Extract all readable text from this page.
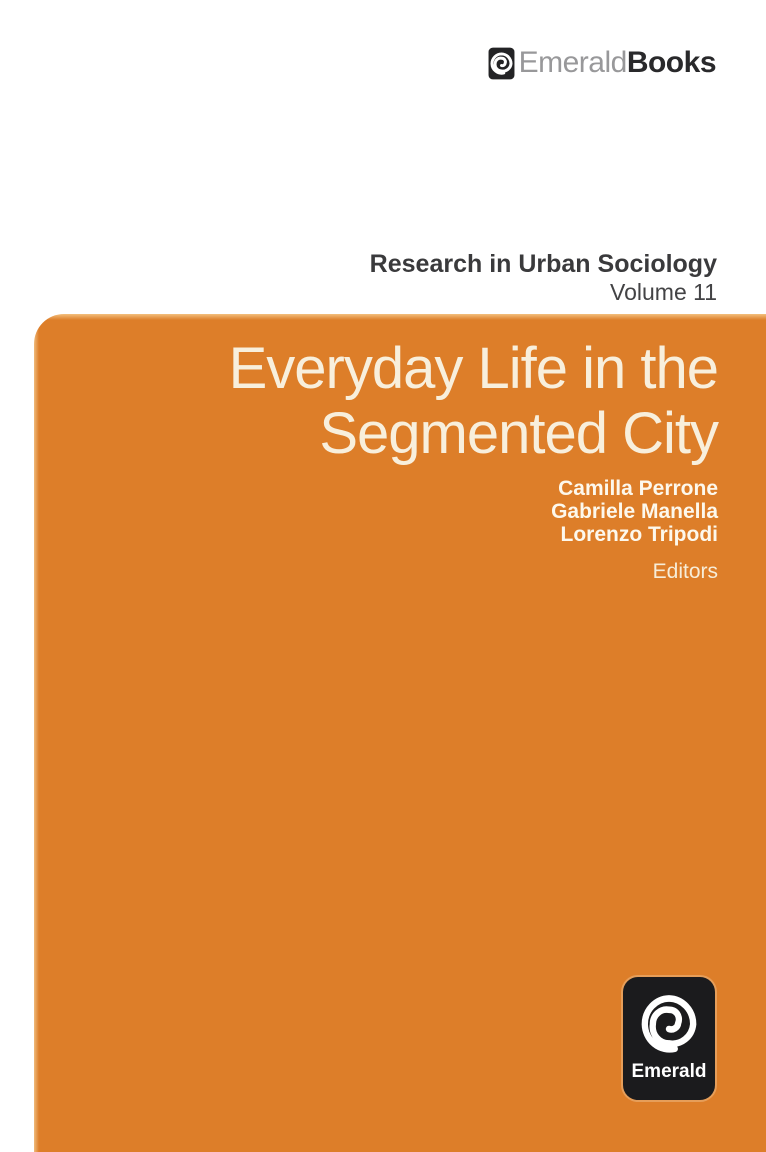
Emerald Books
Research in Urban Sociology
Volume 11
Everyday Life in the
Segmented City
Camilla Perrone
Gabriele Manella
Lorenzo Tripodi
Editors
Emerald
